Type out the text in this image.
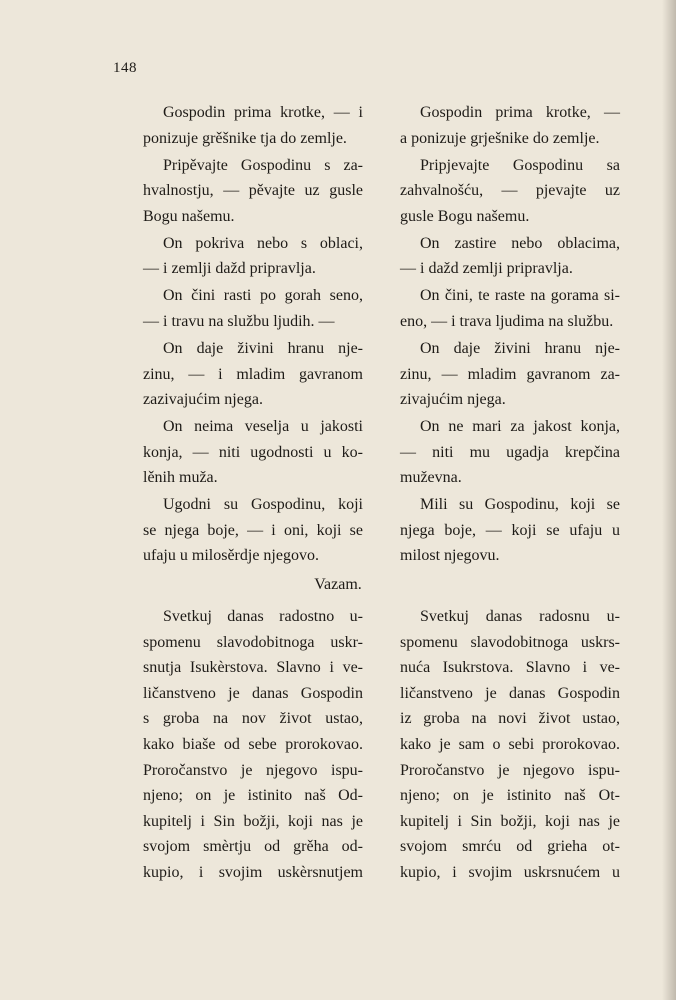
148
Gospodin prima krotke, — i
ponizuje grěšnike tja do zemlje.
Pripěvajte Gospodinu s za-
hvalnostju, — pěvajte uz gusle
Bogu našemu.
On pokriva nebo s oblaci,
— i zemlji dažd pripravlja.
On čini rasti po gorah seno,
— i travu na službu ljudih. —
On daje živini hranu nje-
zinu, — i mladim gavranom
zazivajućim njega.
On neima veselja u jakosti
konja, — niti ugodnosti u ko-
lěnih muža.
Ugodni su Gospodinu, koji
se njega boje, — i oni, koji se
ufaju u milosěrdje njegovo.
Gospodin prima krotke, —
a ponizuje grješnike do zemlje.
Pripjevajte Gospodinu sa
zahvalnošću, — pjevajte uz
gusle Bogu našemu.
On zastire nebo oblacima,
— i dažd zemlji pripravlja.
On čini, te raste na gorama si-
eno, — i trava ljudima na službu.
On daje živini hranu nje-
zinu, — mladim gavranom za-
zivajućim njega.
On ne mari za jakost konja,
— niti mu ugadja krepčina
muževna.
Mili su Gospodinu, koji se
njega boje, — koji se ufaju u
milost njegovu.
Vazam.
Svetkuj danas radostno u-
spomenu slavodobitnoga uskr-
snutja Isukèrstova. Slavno i ve-
ličanstveno je danas Gospodin
s groba na nov život ustao,
kako biaše od sebe prorokovao.
Proročanstvo je njegovo ispu-
njeno; on je istinito naš Od-
kupitelj i Sin božji, koji nas je
svojom smèrtju od grěha od-
kupio, i svojim uskèrsnutjem
Svetkuj danas radosnu u-
spomenu slavodobitnoga uskrs-
nuća Isukrstova. Slavno i ve-
ličanstveno je danas Gospodin
iz groba na novi život ustao,
kako je sam o sebi prorokovao.
Proročanstvo je njegovo ispu-
njeno; on je istinito naš Ot-
kupitelj i Sin božji, koji nas je
svojom smrću od grieha ot-
kupio, i svojim uskrsnućem u
